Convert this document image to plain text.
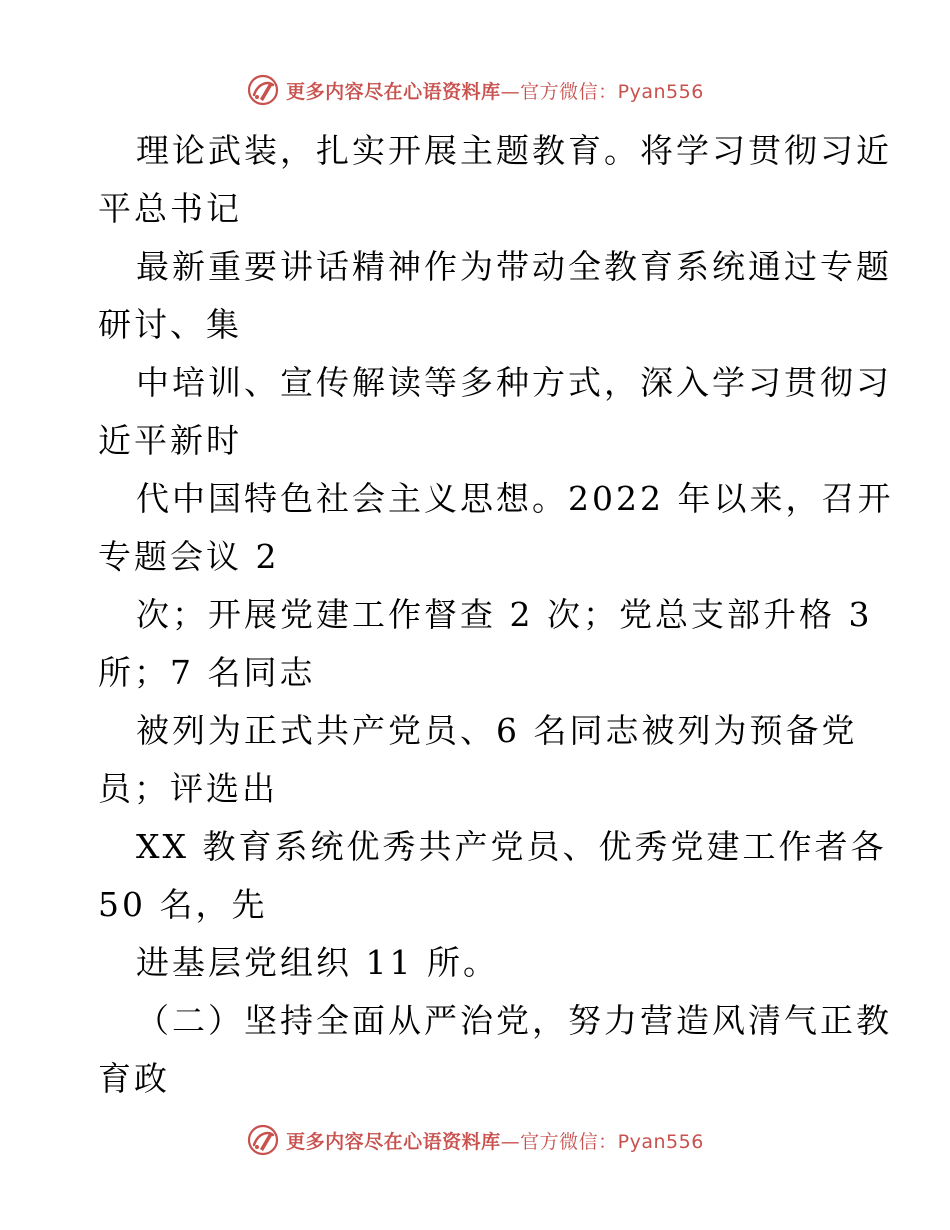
更多内容尽在心语资料库—官方微信：Pyan556
理论武装，扎实开展主题教育。将学习贯彻习近
平总书记
最新重要讲话精神作为带动全教育系统通过专题
研讨、集
中培训、宣传解读等多种方式，深入学习贯彻习
近平新时
代中国特色社会主义思想。2022 年以来，召开
专题会议 2
次；开展党建工作督查 2 次；党总支部升格 3
所；7 名同志
被列为正式共产党员、6 名同志被列为预备党
员；评选出
XX 教育系统优秀共产党员、优秀党建工作者各
50 名，先
进基层党组织 11 所。
（二）坚持全面从严治党，努力营造风清气正教
育政
更多内容尽在心语资料库—官方微信：Pyan556
